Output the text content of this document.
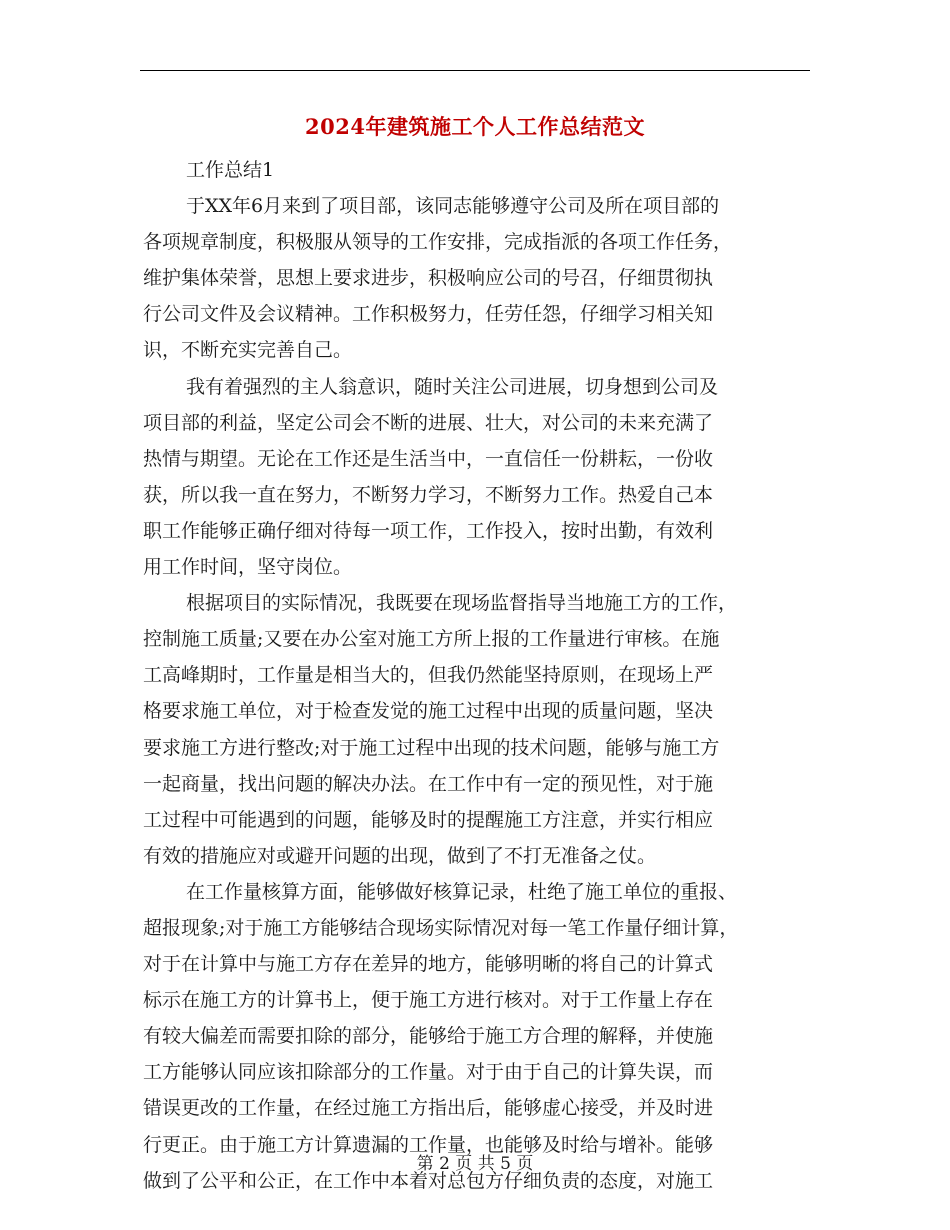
2024年建筑施工个人工作总结范文
工作总结1
于XX年6月来到了项目部，该同志能够遵守公司及所在项目部的
各项规章制度，积极服从领导的工作安排，完成指派的各项工作任务，
维护集体荣誉，思想上要求进步，积极响应公司的号召，仔细贯彻执
行公司文件及会议精神。工作积极努力，任劳任怨，仔细学习相关知
识，不断充实完善自己。
我有着强烈的主人翁意识，随时关注公司进展，切身想到公司及
项目部的利益，坚定公司会不断的进展、壮大，对公司的未来充满了
热情与期望。无论在工作还是生活当中，一直信任一份耕耘，一份收
获，所以我一直在努力，不断努力学习，不断努力工作。热爱自己本
职工作能够正确仔细对待每一项工作，工作投入，按时出勤，有效利
用工作时间，坚守岗位。
根据项目的实际情况，我既要在现场监督指导当地施工方的工作，
控制施工质量;又要在办公室对施工方所上报的工作量进行审核。在施
工高峰期时，工作量是相当大的，但我仍然能坚持原则，在现场上严
格要求施工单位，对于检查发觉的施工过程中出现的质量问题，坚决
要求施工方进行整改;对于施工过程中出现的技术问题，能够与施工方
一起商量，找出问题的解决办法。在工作中有一定的预见性，对于施
工过程中可能遇到的问题，能够及时的提醒施工方注意，并实行相应
有效的措施应对或避开问题的出现，做到了不打无准备之仗。
在工作量核算方面，能够做好核算记录，杜绝了施工单位的重报、
超报现象;对于施工方能够结合现场实际情况对每一笔工作量仔细计算，
对于在计算中与施工方存在差异的地方，能够明晰的将自己的计算式
标示在施工方的计算书上，便于施工方进行核对。对于工作量上存在
有较大偏差而需要扣除的部分，能够给于施工方合理的解释，并使施
工方能够认同应该扣除部分的工作量。对于由于自己的计算失误，而
错误更改的工作量，在经过施工方指出后，能够虚心接受，并及时进
行更正。由于施工方计算遗漏的工作量，也能够及时给与增补。能够
做到了公平和公正，在工作中本着对总包方仔细负责的态度，对施工
第 2 页 共 5 页
